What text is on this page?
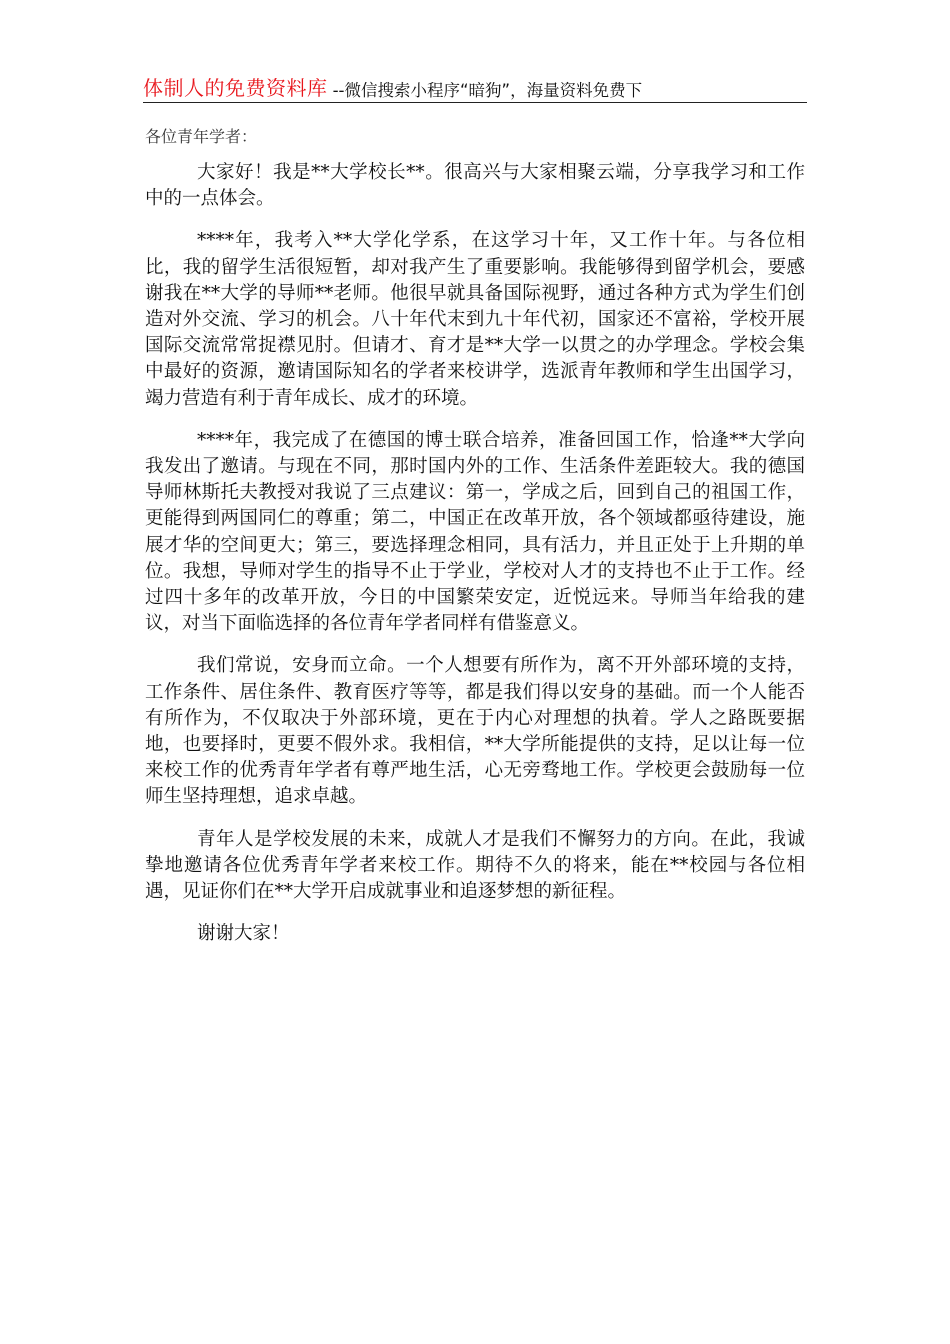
体制人的免费资料库 --微信搜索小程序“暗狗”，海量资料免费下

各位青年学者：

大家好！我是**大学校长**。很高兴与大家相聚云端，分享我学习和工作中的一点体会。

****年，我考入**大学化学系，在这学习十年，又工作十年。与各位相比，我的留学生活很短暂，却对我产生了重要影响。我能够得到留学机会，要感谢我在**大学的导师**老师。他很早就具备国际视野，通过各种方式为学生们创造对外交流、学习的机会。八十年代末到九十年代初，国家还不富裕，学校开展国际交流常常捉襟见肘。但请才、育才是**大学一以贯之的办学理念。学校会集中最好的资源，邀请国际知名的学者来校讲学，选派青年教师和学生出国学习，竭力营造有利于青年成长、成才的环境。

****年，我完成了在德国的博士联合培养，准备回国工作，恰逢**大学向我发出了邀请。与现在不同，那时国内外的工作、生活条件差距较大。我的德国导师林斯托夫教授对我说了三点建议：第一，学成之后，回到自己的祖国工作，更能得到两国同仁的尊重；第二，中国正在改革开放，各个领域都亟待建设，施展才华的空间更大；第三，要选择理念相同，具有活力，并且正处于上升期的单位。我想，导师对学生的指导不止于学业，学校对人才的支持也不止于工作。经过四十多年的改革开放，今日的中国繁荣安定，近悦远来。导师当年给我的建议，对当下面临选择的各位青年学者同样有借鉴意义。

我们常说，安身而立命。一个人想要有所作为，离不开外部环境的支持，工作条件、居住条件、教育医疗等等，都是我们得以安身的基础。而一个人能否有所作为，不仅取决于外部环境，更在于内心对理想的执着。学人之路既要据地，也要择时，更要不假外求。我相信，**大学所能提供的支持，足以让每一位来校工作的优秀青年学者有尊严地生活，心无旁骛地工作。学校更会鼓励每一位师生坚持理想，追求卓越。

青年人是学校发展的未来，成就人才是我们不懈努力的方向。在此，我诚挚地邀请各位优秀青年学者来校工作。期待不久的将来，能在**校园与各位相遇，见证你们在**大学开启成就事业和追逐梦想的新征程。

谢谢大家！
